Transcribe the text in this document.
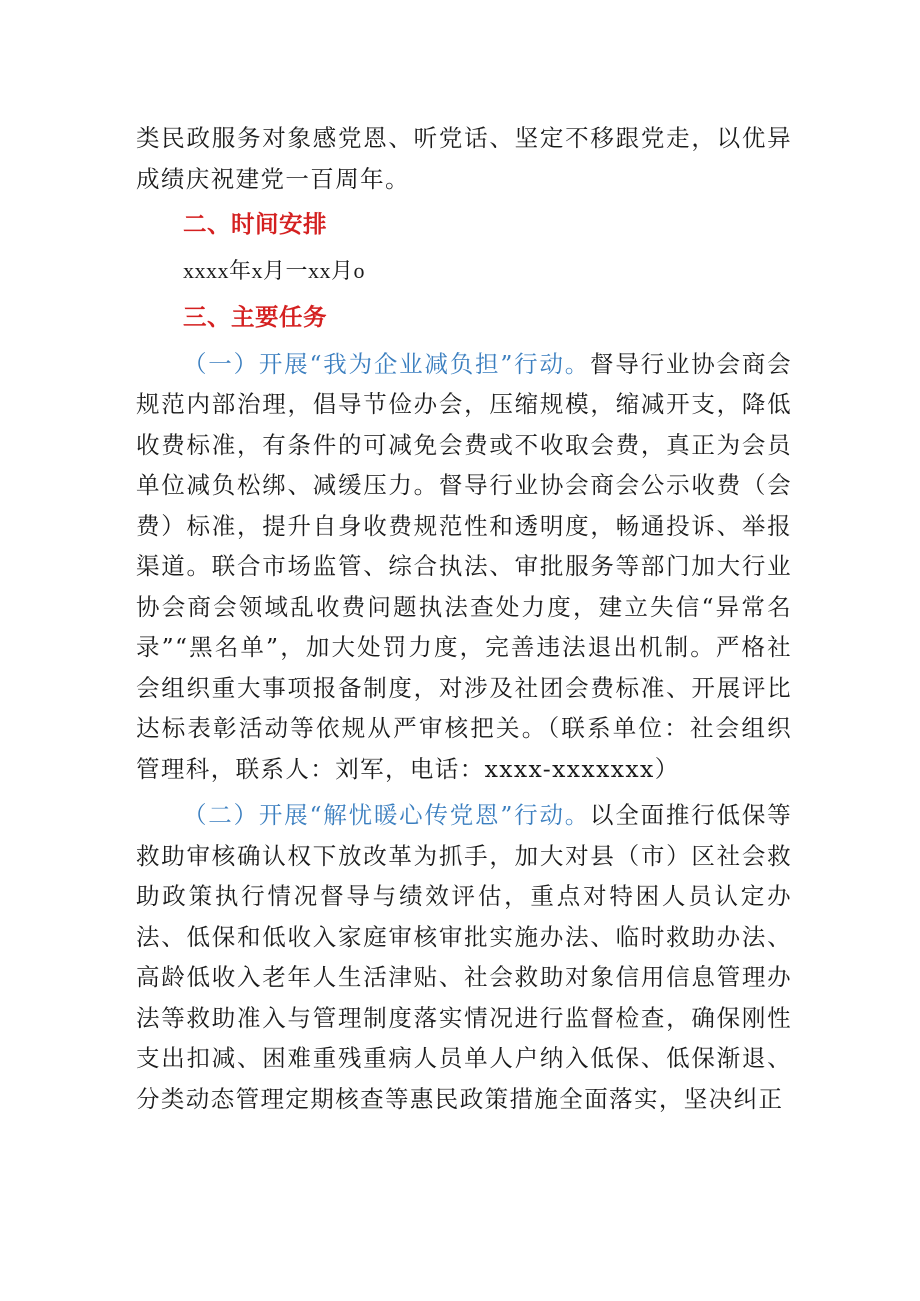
类民政服务对象感党恩、听党话、坚定不移跟党走，以优异成绩庆祝建党一百周年。

二、时间安排

xxxx年x月一xx月o

三、主要任务

（一）开展“我为企业减负担”行动。督导行业协会商会规范内部治理，倡导节俭办会，压缩规模，缩减开支，降低收费标准，有条件的可减免会费或不收取会费，真正为会员单位减负松绑、减缓压力。督导行业协会商会公示收费（会费）标准，提升自身收费规范性和透明度，畅通投诉、举报渠道。联合市场监管、综合执法、审批服务等部门加大行业协会商会领域乱收费问题执法查处力度，建立失信“异常名录”“黑名单”，加大处罚力度，完善违法退出机制。严格社会组织重大事项报备制度，对涉及社团会费标准、开展评比达标表彰活动等依规从严审核把关。（联系单位：社会组织管理科，联系人：刘军，电话：xxxx-xxxxxxx）

（二）开展“解忧暖心传党恩”行动。以全面推行低保等救助审核确认权下放改革为抓手，加大对县（市）区社会救助政策执行情况督导与绩效评估，重点对特困人员认定办法、低保和低收入家庭审核审批实施办法、临时救助办法、高龄低收入老年人生活津贴、社会救助对象信用信息管理办法等救助准入与管理制度落实情况进行监督检查，确保刚性支出扣减、困难重残重病人员单人户纳入低保、低保渐退、分类动态管理定期核查等惠民政策措施全面落实，坚决纠正
